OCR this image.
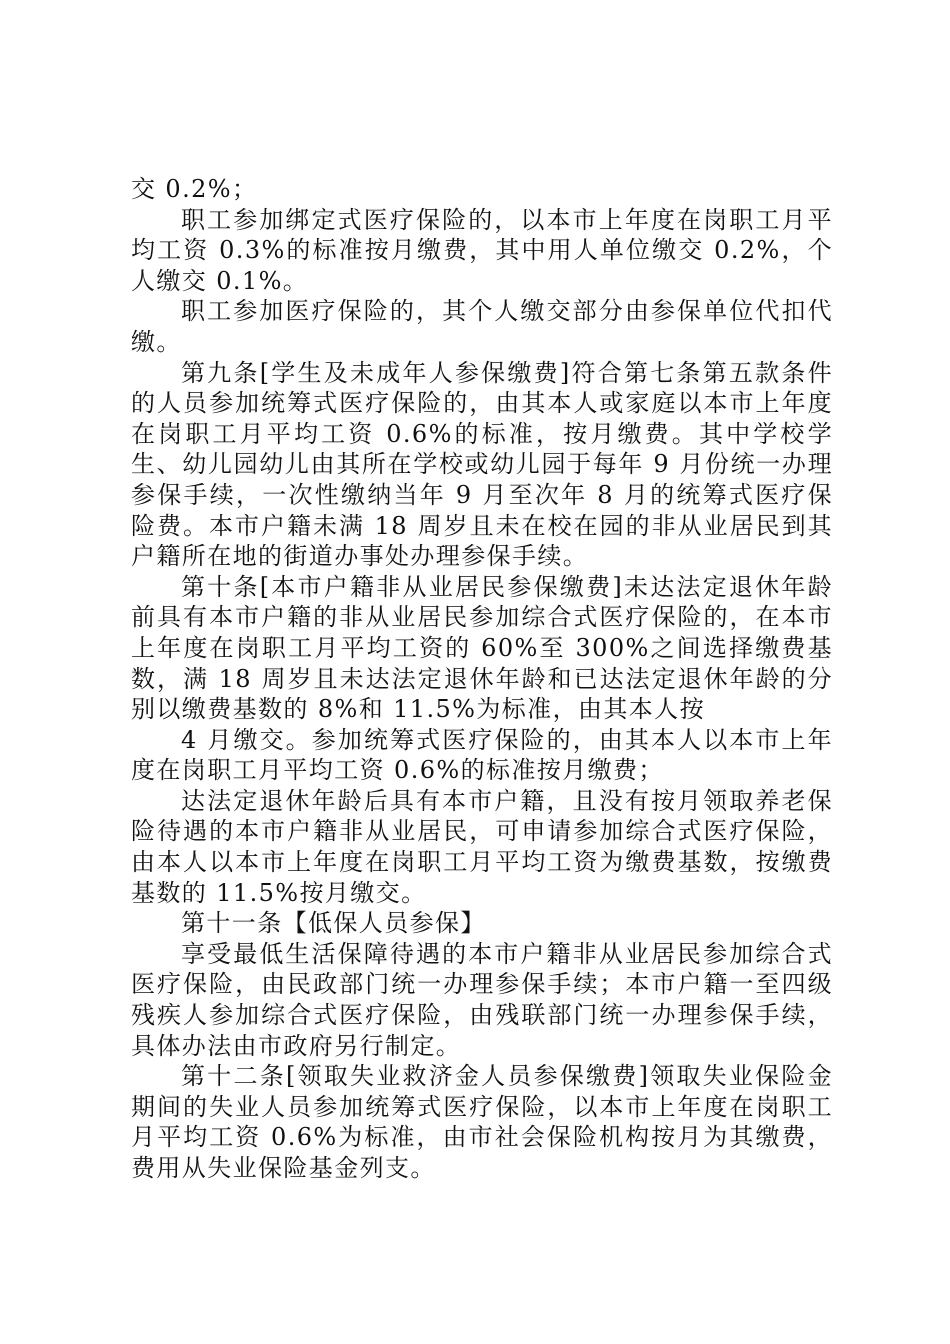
交 0.2%；

职工参加绑定式医疗保险的，以本市上年度在岗职工月平均工资 0.3%的标准按月缴费，其中用人单位缴交 0.2%，个人缴交 0.1%。

职工参加医疗保险的，其个人缴交部分由参保单位代扣代缴。

第九条[学生及未成年人参保缴费]符合第七条第五款条件的人员参加统筹式医疗保险的，由其本人或家庭以本市上年度在岗职工月平均工资 0.6%的标准，按月缴费。其中学校学生、幼儿园幼儿由其所在学校或幼儿园于每年 9 月份统一办理参保手续，一次性缴纳当年 9 月至次年 8 月的统筹式医疗保险费。本市户籍未满 18 周岁且未在校在园的非从业居民到其户籍所在地的街道办事处办理参保手续。

第十条[本市户籍非从业居民参保缴费]未达法定退休年龄前具有本市户籍的非从业居民参加综合式医疗保险的，在本市上年度在岗职工月平均工资的 60%至 300%之间选择缴费基数，满 18 周岁且未达法定退休年龄和已达法定退休年龄的分别以缴费基数的 8%和 11.5%为标准，由其本人按

4 月缴交。参加统筹式医疗保险的，由其本人以本市上年度在岗职工月平均工资 0.6%的标准按月缴费；

达法定退休年龄后具有本市户籍，且没有按月领取养老保险待遇的本市户籍非从业居民，可申请参加综合式医疗保险，由本人以本市上年度在岗职工月平均工资为缴费基数，按缴费基数的 11.5%按月缴交。

第十一条【低保人员参保】

享受最低生活保障待遇的本市户籍非从业居民参加综合式医疗保险，由民政部门统一办理参保手续；本市户籍一至四级残疾人参加综合式医疗保险，由残联部门统一办理参保手续，具体办法由市政府另行制定。

第十二条[领取失业救济金人员参保缴费]领取失业保险金期间的失业人员参加统筹式医疗保险，以本市上年度在岗职工月平均工资 0.6%为标准，由市社会保险机构按月为其缴费，费用从失业保险基金列支。
